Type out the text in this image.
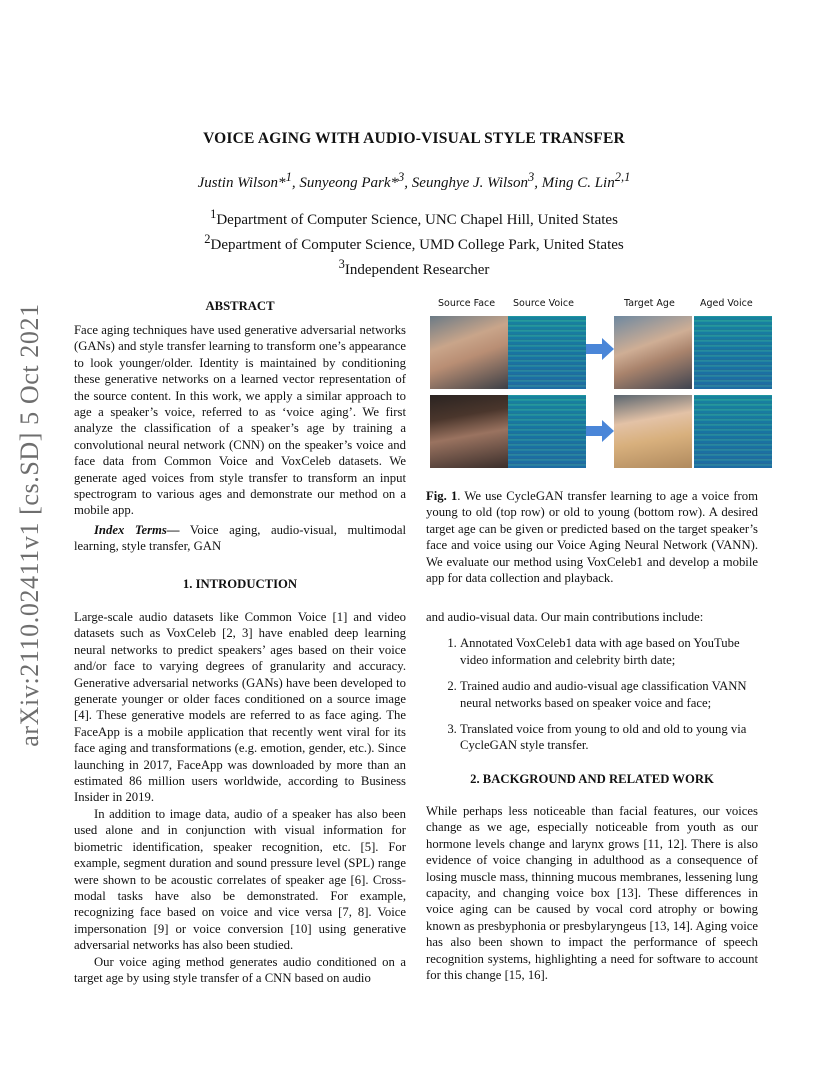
VOICE AGING WITH AUDIO-VISUAL STYLE TRANSFER
Justin Wilson*$^1$, Sunyeong Park*$^3$, Seunghye J. Wilson$^3$, Ming C. Lin$^{2,1}$
$^1$Department of Computer Science, UNC Chapel Hill, United States
$^2$Department of Computer Science, UMD College Park, United States
$^3$Independent Researcher
arXiv:2110.02411v1 [cs.SD] 5 Oct 2021	ABSTRACT
Face aging techniques have used generative adversarial networks (GANs) and style transfer learning to transform one’s appearance to look younger/older. Identity is maintained by conditioning these generative networks on a learned vector representation of the source content. In this work, we apply a similar approach to age a speaker’s voice, referred to as ‘voice aging’. We first analyze the classification of a speaker’s age by training a convolutional neural network (CNN) on the speaker’s voice and face data from Common Voice and VoxCeleb datasets. We generate aged voices from style transfer to transform an input spectrogram to various ages and demonstrate our method on a mobile app.
Index Terms— Voice aging, audio-visual, multimodal learning, style transfer, GAN
1. INTRODUCTION

Large-scale audio datasets like Common Voice [1] and video datasets such as VoxCeleb [2, 3] have enabled deep learning neural networks to predict speakers’ ages based on their voice and/or face to varying degrees of granularity and accuracy. Generative adversarial networks (GANs) have been developed to generate younger or older faces conditioned on a source image [4]. These generative models are referred to as face aging. The FaceApp is a mobile application that recently went viral for its face aging and transformations (e.g. emotion, gender, etc.). Since launching in 2017, FaceApp was downloaded by more than an estimated 86 million users worldwide, according to Business Insider in 2019.

In addition to image data, audio of a speaker has also been used alone and in conjunction with visual information for biometric identification, speaker recognition, etc. [5]. For example, segment duration and sound pressure level (SPL) range were shown to be acoustic correlates of speaker age [6]. Cross-modal tasks have also be demonstrated. For example, recognizing face based on voice and vice versa [7, 8]. Voice impersonation [9] or voice conversion [10] using generative adversarial networks has also been studied.

Our voice aging method generates audio conditioned on a target age by using style transfer of a CNN based on audio

Source Face Source Voice	Target Age	Aged Voice
Fig. 1. We use CycleGAN transfer learning to age a voice from young to old (top row) or old to young (bottom row). A desired target age can be given or predicted based on the target speaker’s face and voice using our Voice Aging Neural Network (VANN). We evaluate our method using VoxCeleb1 and develop a mobile app for data collection and playback.

and audio-visual data. Our main contributions include:

1. Annotated VoxCeleb1 data with age based on YouTube video information and celebrity birth date;
2. Trained audio and audio-visual age classification VANN neural networks based on speaker voice and face;
3. Translated voice from young to old and old to young via CycleGAN style transfer.
2. BACKGROUND AND RELATED WORK
While perhaps less noticeable than facial features, our voices change as we age, especially noticeable from youth as our hormone levels change and larynx grows [11, 12]. There is also evidence of voice changing in adulthood as a consequence of losing muscle mass, thinning mucous membranes, lessening lung capacity, and changing voice box [13]. These differences in voice aging can be caused by vocal cord atrophy or bowing known as presbyphonia or presbylaryngeus [13, 14]. Aging voice has also been shown to impact the performance of speech recognition systems, highlighting a need for software to account for this change [15, 16].
